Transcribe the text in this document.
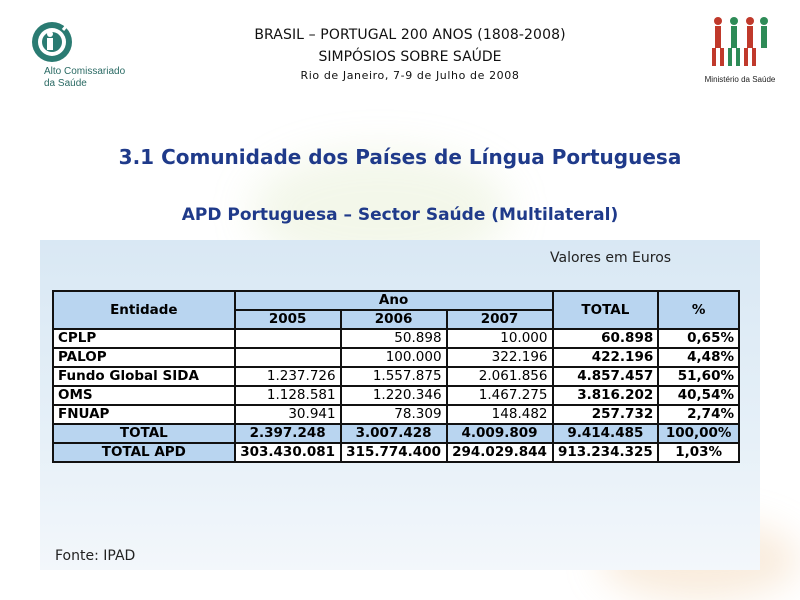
Alto Comissariado
da Saúde	Ministério da Saúde
BRASIL – PORTUGAL 200 ANOS (1808-2008)
SIMPÓSIOS SOBRE SAÚDE
Rio de Janeiro, 7-9 de Julho de 2008
3.1 Comunidade dos Países de Língua Portuguesa
APD Portuguesa – Sector Saúde (Multilateral)
Valores em Euros
Entidade	Ano			TOTAL	%
	2005	2006	2007		
CPLP		50.898	10.000	60.898	0,65%
PALOP		100.000	322.196	422.196	4,48%
Fundo Global SIDA	1.237.726	1.557.875	2.061.856	4.857.457	51,60%
OMS	1.128.581	1.220.346	1.467.275	3.816.202	40,54%
FNUAP	30.941	78.309	148.482	257.732	2,74%
TOTAL	2.397.248	3.007.428	4.009.809	9.414.485	100,00%
TOTAL APD	303.430.081	315.774.400	294.029.844	913.234.325	1,03%
Fonte: IPAD
